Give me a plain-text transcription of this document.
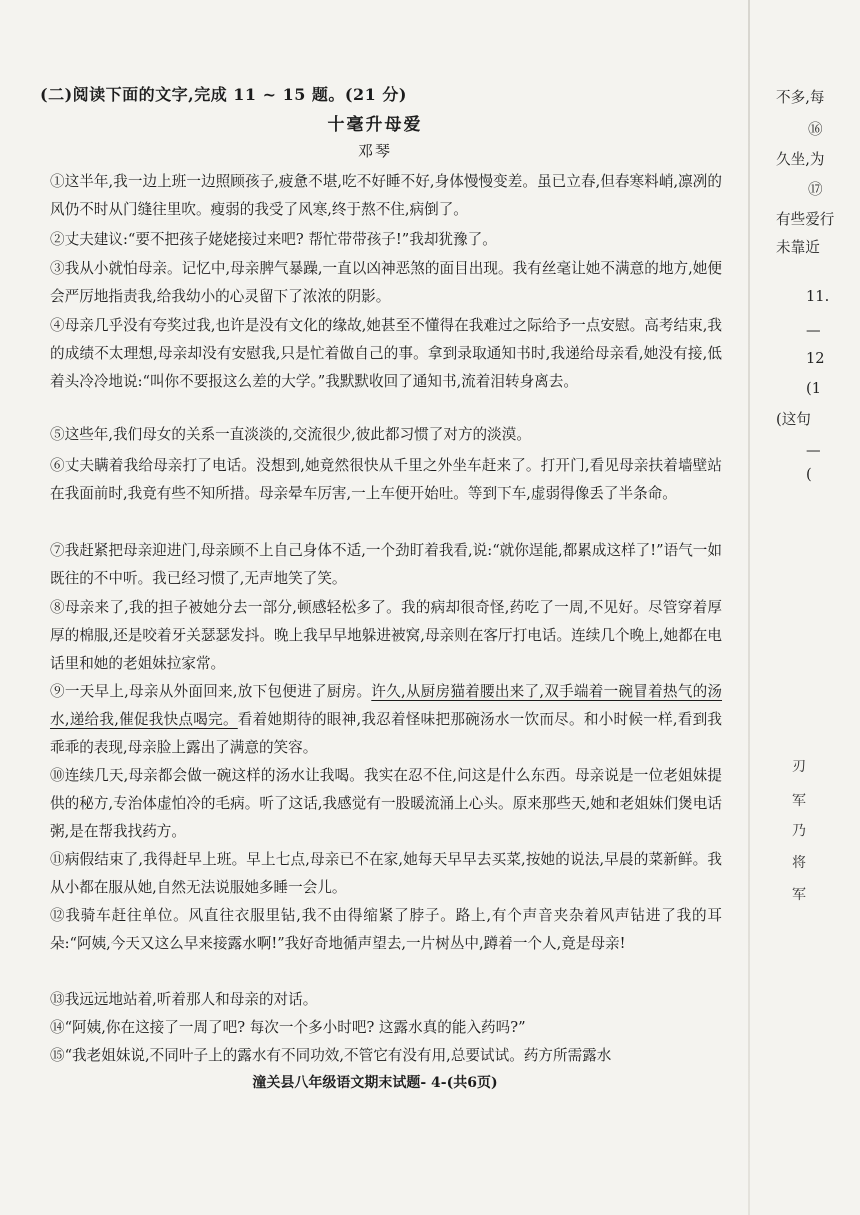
(二)阅读下面的文字,完成 11 ~ 15 题。(21 分)
十毫升母爱
邓琴

①这半年,我一边上班一边照顾孩子,疲惫不堪,吃不好睡不好,身体慢慢变差。虽已立春,但春寒料峭,凛冽的风仍不时从门缝往里吹。瘦弱的我受了风寒,终于熬不住,病倒了。

②丈夫建议:“要不把孩子姥姥接过来吧? 帮忙带带孩子!”我却犹豫了。

③我从小就怕母亲。记忆中,母亲脾气暴躁,一直以凶神恶煞的面目出现。我有丝毫让她不满意的地方,她便会严厉地指责我,给我幼小的心灵留下了浓浓的阴影。

④母亲几乎没有夸奖过我,也许是没有文化的缘故,她甚至不懂得在我难过之际给予一点安慰。高考结束,我的成绩不太理想,母亲却没有安慰我,只是忙着做自己的事。拿到录取通知书时,我递给母亲看,她没有接,低着头冷冷地说:“叫你不要报这么差的大学。”我默默收回了通知书,流着泪转身离去。

⑤这些年,我们母女的关系一直淡淡的,交流很少,彼此都习惯了对方的淡漠。

⑥丈夫瞒着我给母亲打了电话。没想到,她竟然很快从千里之外坐车赶来了。打开门,看见母亲扶着墙壁站在我面前时,我竟有些不知所措。母亲晕车厉害,一上车便开始吐。等到下车,虚弱得像丢了半条命。

⑦我赶紧把母亲迎进门,母亲顾不上自己身体不适,一个劲盯着我看,说:“就你逞能,都累成这样了!”语气一如既往的不中听。我已经习惯了,无声地笑了笑。

⑧母亲来了,我的担子被她分去一部分,顿感轻松多了。我的病却很奇怪,药吃了一周,不见好。尽管穿着厚厚的棉服,还是咬着牙关瑟瑟发抖。晚上我早早地躲进被窝,母亲则在客厅打电话。连续几个晚上,她都在电话里和她的老姐妹拉家常。

⑨一天早上,母亲从外面回来,放下包便进了厨房。许久,从厨房猫着腰出来了,双手端着一碗冒着热气的汤水,递给我,催促我快点喝完。看着她期待的眼神,我忍着怪味把那碗汤水一饮而尽。和小时候一样,看到我乖乖的表现,母亲脸上露出了满意的笑容。

⑩连续几天,母亲都会做一碗这样的汤水让我喝。我实在忍不住,问这是什么东西。母亲说是一位老姐妹提供的秘方,专治体虚怕冷的毛病。听了这话,我感觉有一股暖流涌上心头。原来那些天,她和老姐妹们煲电话粥,是在帮我找药方。

⑪病假结束了,我得赶早上班。早上七点,母亲已不在家,她每天早早去买菜,按她的说法,早晨的菜新鲜。我从小都在服从她,自然无法说服她多睡一会儿。

⑫我骑车赶往单位。风直往衣服里钻,我不由得缩紧了脖子。路上,有个声音夹杂着风声钻进了我的耳朵:“阿姨,今天又这么早来接露水啊!”我好奇地循声望去,一片树丛中,蹲着一个人,竟是母亲!

⑬我远远地站着,听着那人和母亲的对话。

⑭“阿姨,你在这接了一周了吧? 每次一个多小时吧? 这露水真的能入药吗?”

⑮“我老姐妹说,不同叶子上的露水有不同功效,不管它有没有用,总要试试。药方所需露水

潼关县八年级语文期末试题- 4-(共6页)
不多,每
⑯
久坐,为
⑰
有些爱行
未靠近
11.
—
12
(1
(这句
—
(
刃
军
乃
将
军
